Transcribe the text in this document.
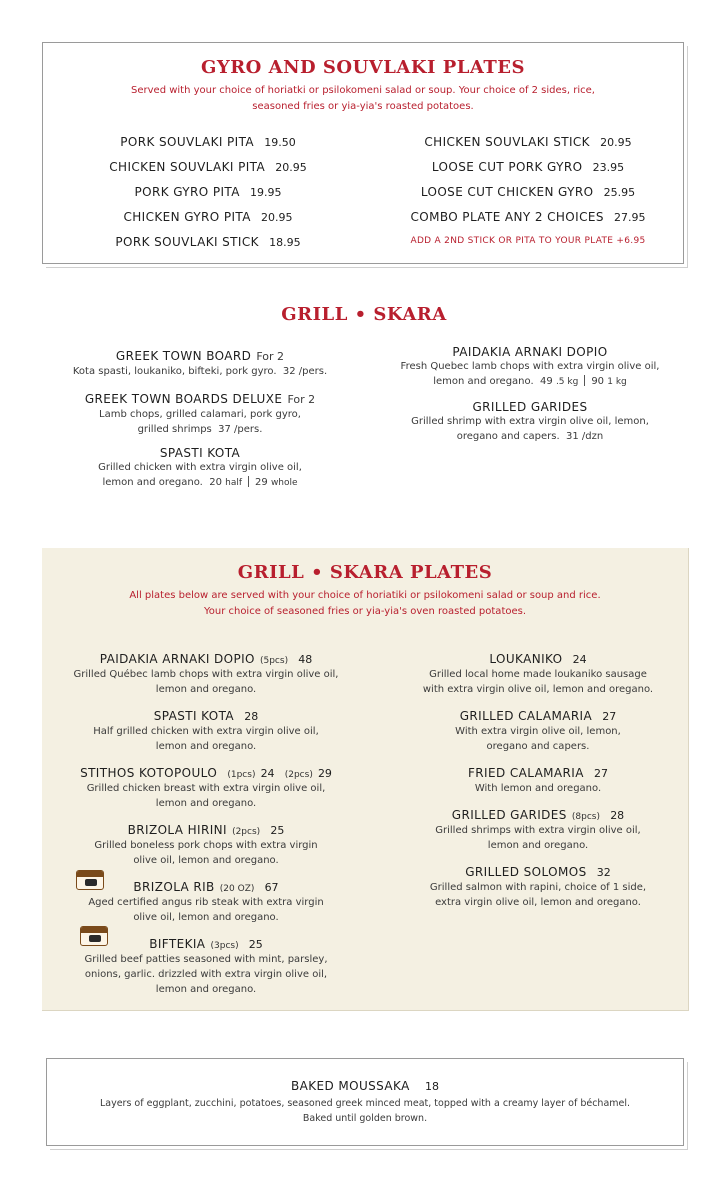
GYRO AND SOUVLAKI PLATES
Served with your choice of horiatki or psilokomeni salad or soup. Your choice of 2 sides, rice,
seasoned fries or yia-yia's roasted potatoes.
PORK SOUVLAKI PITA 19.50
CHICKEN SOUVLAKI PITA 20.95
PORK GYRO PITA 19.95
CHICKEN GYRO PITA 20.95
PORK SOUVLAKI STICK 18.95
CHICKEN SOUVLAKI STICK 20.95
LOOSE CUT PORK GYRO 23.95
LOOSE CUT CHICKEN GYRO 25.95
COMBO PLATE ANY 2 CHOICES 27.95
ADD A 2ND STICK OR PITA TO YOUR PLATE +6.95
GRILL • SKARA
GREEK TOWN BOARD For 2
Kota spasti, loukaniko, bifteki, pork gyro. 32 /pers.
GREEK TOWN BOARDS DELUXE For 2
Lamb chops, grilled calamari, pork gyro,
grilled shrimps 37 /pers.
SPASTI KOTA
Grilled chicken with extra virgin olive oil,
lemon and oregano. 20 half 29 whole
PAIDAKIA ARNAKI DOPIO
Fresh Quebec lamb chops with extra virgin olive oil,
lemon and oregano. 49 .5 kg 90 1 kg
GRILLED GARIDES
Grilled shrimp with extra virgin olive oil, lemon,
oregano and capers. 31 /dzn
GRILL • SKARA PLATES
All plates below are served with your choice of horiatiki or psilokomeni salad or soup and rice.
Your choice of seasoned fries or yia-yia's oven roasted potatoes.
PAIDAKIA ARNAKI DOPIO (5pcs) 48
Grilled Québec lamb chops with extra virgin olive oil,
lemon and oregano.
SPASTI KOTA 28
Half grilled chicken with extra virgin olive oil,
lemon and oregano.
STITHOS KOTOPOULO (1pcs) 24 (2pcs) 29
Grilled chicken breast with extra virgin olive oil,
lemon and oregano.
BRIZOLA HIRINI (2pcs) 25
Grilled boneless pork chops with extra virgin
olive oil, lemon and oregano.
BRIZOLA RIB (20 OZ) 67
Aged certified angus rib steak with extra virgin
olive oil, lemon and oregano.
BIFTEKIA (3pcs) 25
Grilled beef patties seasoned with mint, parsley,
onions, garlic. drizzled with extra virgin olive oil,
lemon and oregano.
LOUKANIKO 24
Grilled local home made loukaniko sausage
with extra virgin olive oil, lemon and oregano.
GRILLED CALAMARIA 27
With extra virgin olive oil, lemon,
oregano and capers.
FRIED CALAMARIA 27
With lemon and oregano.
GRILLED GARIDES (8pcs) 28
Grilled shrimps with extra virgin olive oil,
lemon and oregano.
GRILLED SOLOMOS 32
Grilled salmon with rapini, choice of 1 side,
extra virgin olive oil, lemon and oregano.
BAKED MOUSSAKA 18
Layers of eggplant, zucchini, potatoes, seasoned greek minced meat, topped with a creamy layer of béchamel.
Baked until golden brown.
